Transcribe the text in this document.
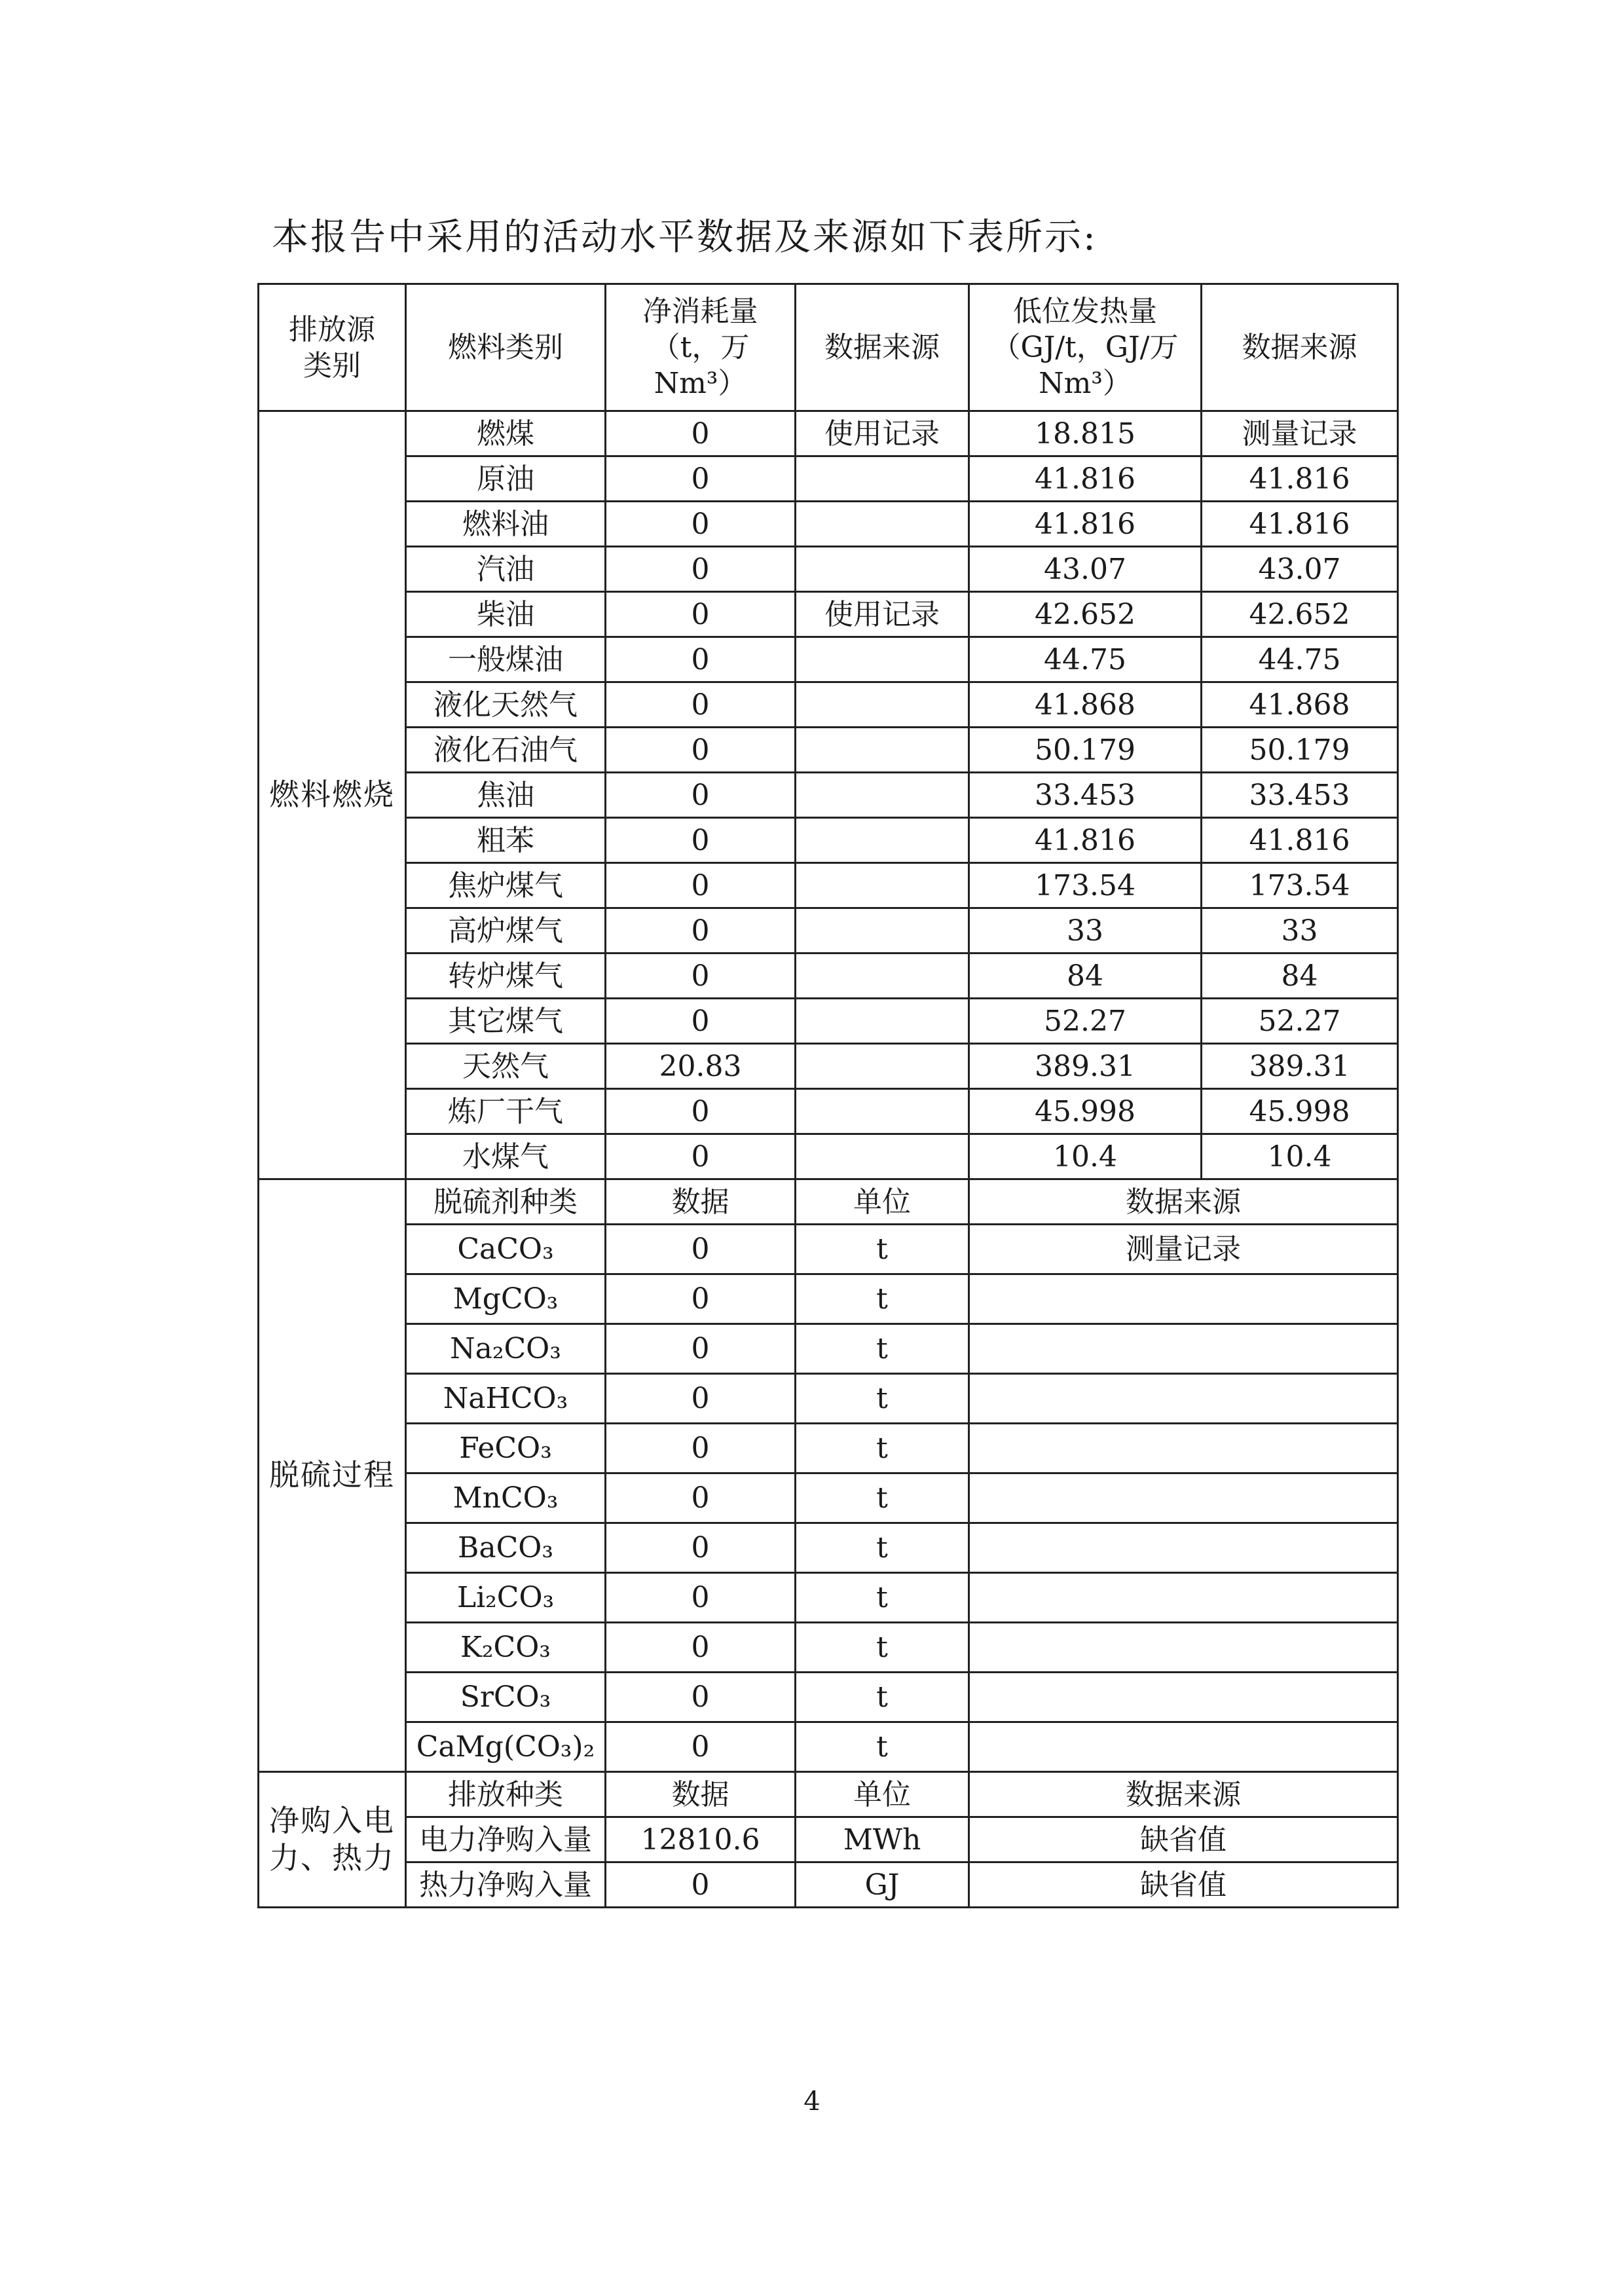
本报告中采用的活动水平数据及来源如下表所示:

排放源类别	燃料类别	净消耗量（t，万 Nm³）	数据来源	低位发热量（GJ/t，GJ/万 Nm³）	数据来源
燃料燃烧	燃煤	0	使用记录	18.815	测量记录
	原油	0		41.816	41.816
	燃料油	0		41.816	41.816
	汽油	0		43.07	43.07
	柴油	0	使用记录	42.652	42.652
	一般煤油	0		44.75	44.75
	液化天然气	0		41.868	41.868
	液化石油气	0		50.179	50.179
	焦油	0		33.453	33.453
	粗苯	0		41.816	41.816
	焦炉煤气	0		173.54	173.54
	高炉煤气	0		33	33
	转炉煤气	0		84	84
	其它煤气	0		52.27	52.27
	天然气	20.83		389.31	389.31
	炼厂干气	0		45.998	45.998
	水煤气	0		10.4	10.4
脱硫过程	脱硫剂种类	数据	单位	数据来源	
	CaCO₃	0	t	测量记录	
	MgCO₃	0	t		
	Na₂CO₃	0	t		
	NaHCO₃	0	t		
	FeCO₃	0	t		
	MnCO₃	0	t		
	BaCO₃	0	t		
	Li₂CO₃	0	t		
	K₂CO₃	0	t		
	SrCO₃	0	t		
	CaMg(CO₃)₂	0	t		
净购入电力、热力	排放种类	数据	单位	数据来源	
	电力净购入量	12810.6	MWh	缺省值	
	热力净购入量	0	GJ	缺省值	
4
